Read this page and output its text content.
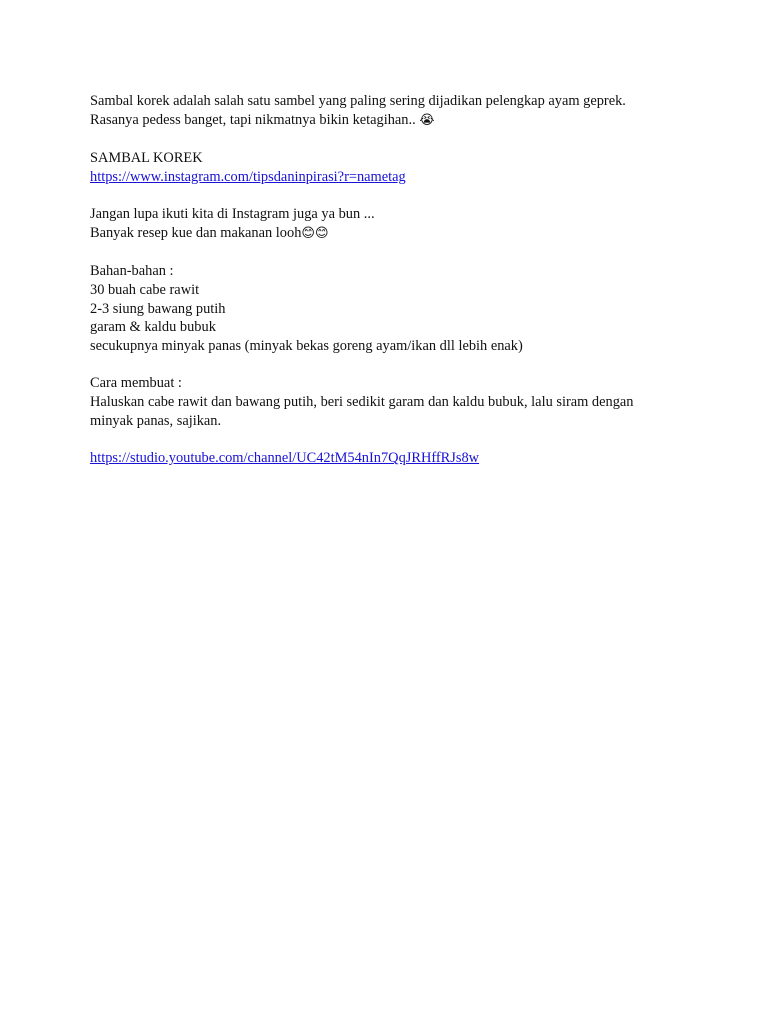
Sambal korek adalah salah satu sambel yang paling sering dijadikan pelengkap ayam geprek.
Rasanya pedess banget, tapi nikmatnya bikin ketagihan.. 😭
SAMBAL KOREK
https://www.instagram.com/tipsdaninpirasi?r=nametag
Jangan lupa ikuti kita di Instagram juga ya bun ...
Banyak resep kue dan makanan looh😊😊
Bahan-bahan :
30 buah cabe rawit
2-3 siung bawang putih
garam & kaldu bubuk
secukupnya minyak panas (minyak bekas goreng ayam/ikan dll lebih enak)
Cara membuat :
Haluskan cabe rawit dan bawang putih, beri sedikit garam dan kaldu bubuk, lalu siram dengan minyak panas, sajikan.
https://studio.youtube.com/channel/UC42tM54nIn7QqJRHffRJs8w
